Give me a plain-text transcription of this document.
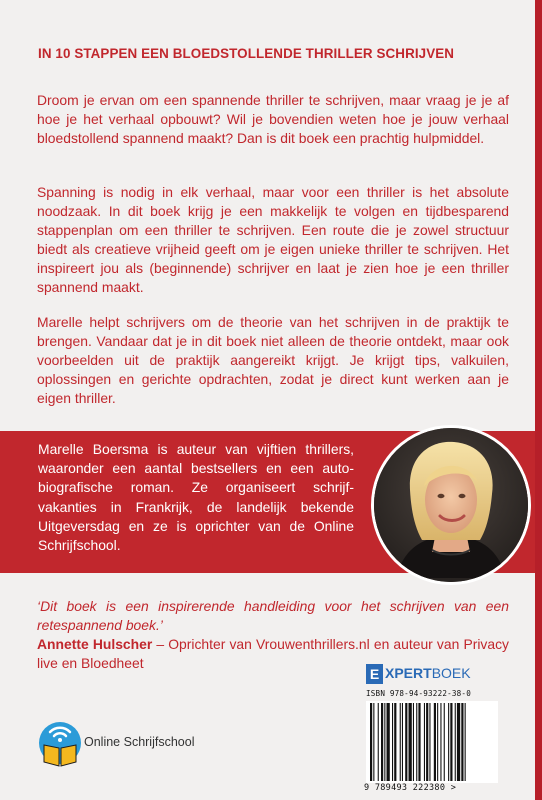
IN 10 STAPPEN EEN BLOEDSTOLLENDE THRILLER SCHRIJVEN

Droom je ervan om een spannende thriller te schrijven, maar vraag je je af hoe je het verhaal opbouwt? Wil je bovendien weten hoe je jouw verhaal bloedstollend spannend maakt? Dan is dit boek een prachtig hulpmiddel.

Spanning is nodig in elk verhaal, maar voor een thriller is het absolute noodzaak. In dit boek krijg je een makkelijk te volgen en tijdbesparend stappenplan om een thriller te schrijven. Een route die je zowel structuur biedt als creatieve vrijheid geeft om je eigen unieke thriller te schrijven. Het inspireert jou als (beginnende) schrijver en laat je zien hoe je een thriller spannend maakt.

Marelle helpt schrijvers om de theorie van het schrijven in de praktijk te brengen. Vandaar dat je in dit boek niet alleen de theorie ontdekt, maar ook voorbeelden uit de praktijk aangereikt krijgt. Je krijgt tips, valkuilen, oplossingen en gerichte opdrachten, zodat je direct kunt werken aan je eigen thriller.

Marelle Boersma is auteur van vijftien thrillers, waaronder een aantal bestsellers en een auto-biografische roman. Ze organiseert schrijf-vakanties in Frankrijk, de landelijk bekende Uitgeversdag en ze is oprichter van de Online Schrijfschool.

‘Dit boek is een inspirerende handleiding voor het schrijven van een retespannend boek.’

Annette Hulscher – Oprichter van Vrouwenthrillers.nl en auteur van Privacy live en Bloedheet

Online Schrijfschool
E XPERTBOEK
ISBN 978-94-93222-38-0
9 789493 222380 >
